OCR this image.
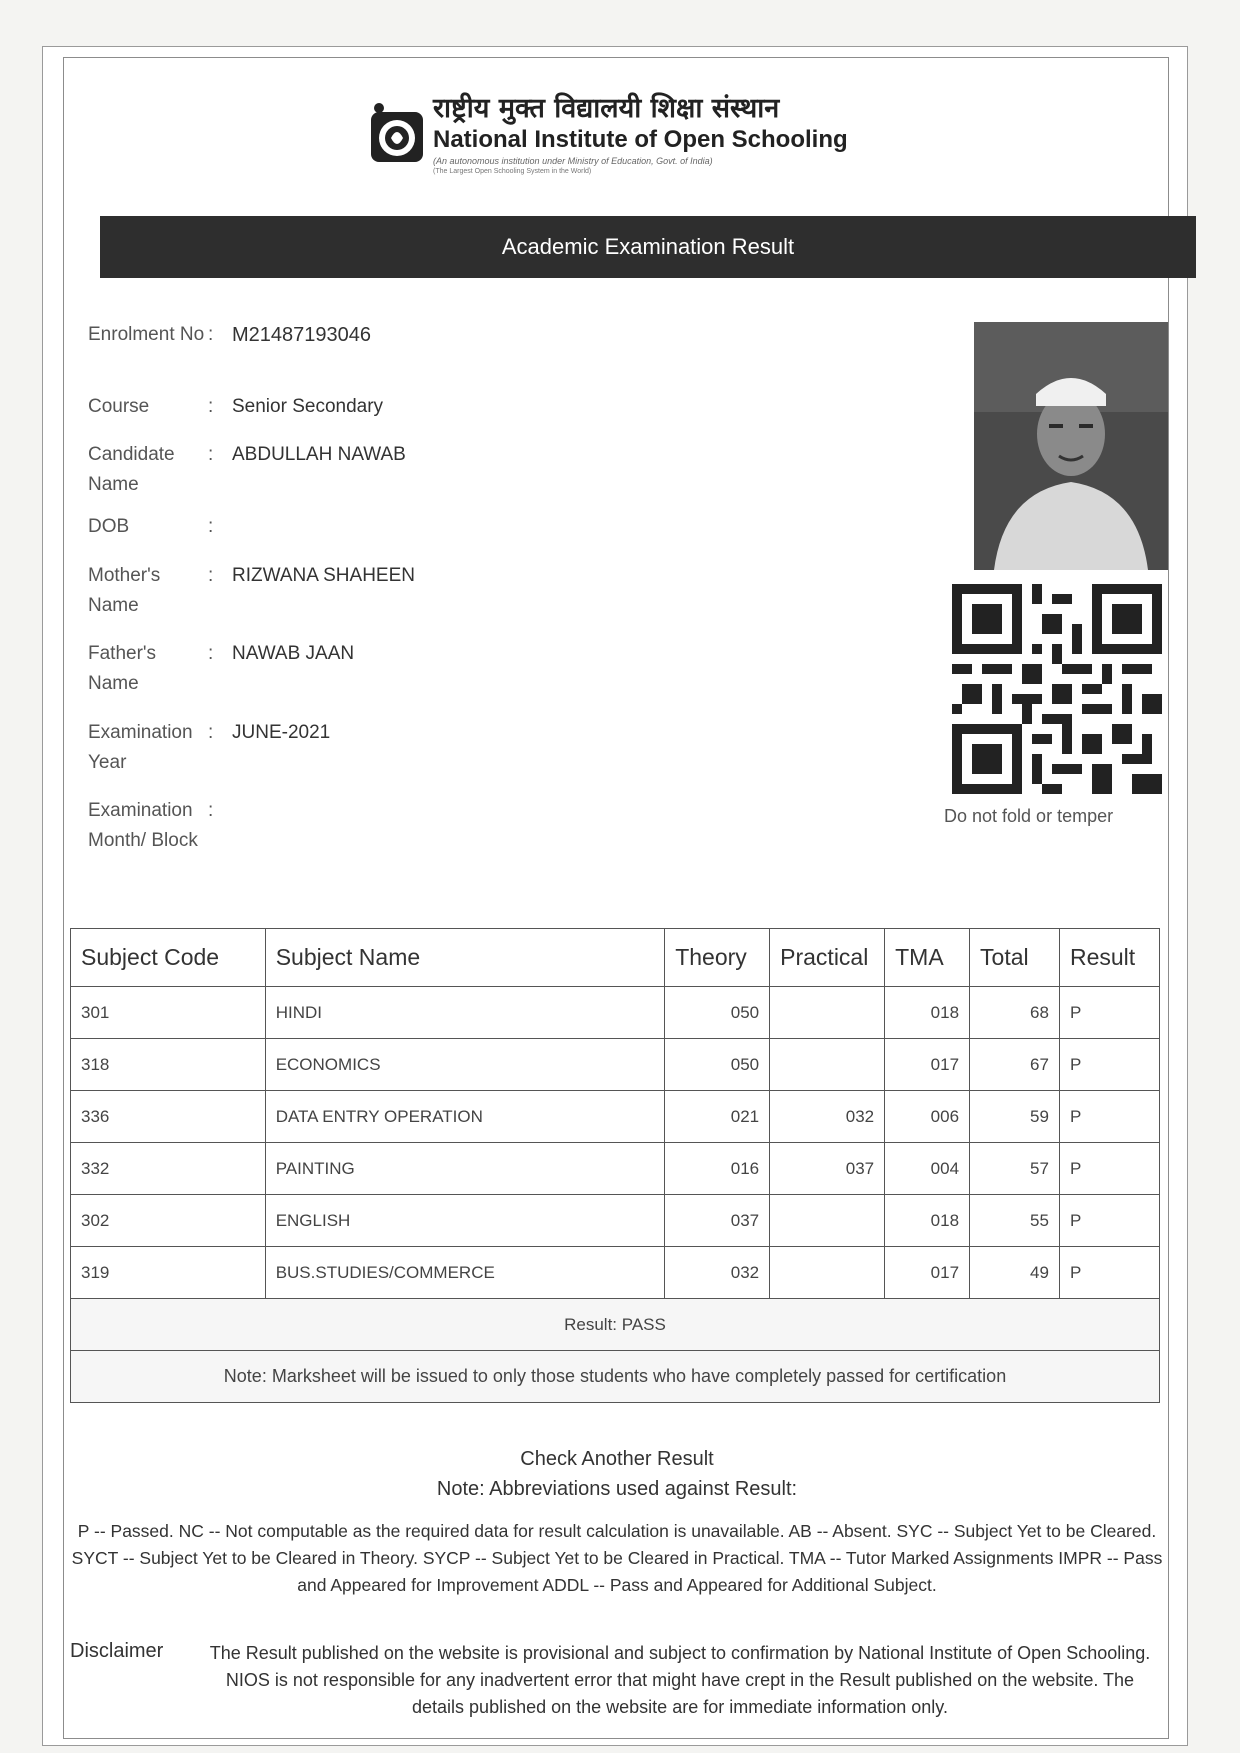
राष्ट्रीय मुक्त विद्यालयी शिक्षा संस्थान
National Institute of Open Schooling
(An autonomous institution under Ministry of Education, Govt. of India)
(The Largest Open Schooling System in the World)
Academic Examination Result
Enrolment No : M21487193046
Course	: Senior Secondary
Candidate Name
: ABDULLAH NAWAB
DOB	:
Mother's Name
: RIZWANA SHAHEEN
Father's Name
: NAWAB JAAN
Examination Year
: JUNE-2021
Examination Month/ Block
:	Do not fold or temper
Subject Code	Subject Name	Theory	Practical	TMA	Total	Result
301	HINDI	050		018	68	P
318	ECONOMICS	050		017	67	P
336	DATA ENTRY OPERATION	021	032	006	59	P
332	PAINTING	016	037	004	57	P
302	ENGLISH	037		018	55	P
319	BUS.STUDIES/COMMERCE	032		017	49	P
Result: PASS						
Note: Marksheet will be issued to only those students who have completely passed for certification						
Check Another Result
Note: Abbreviations used against Result:
P -- Passed. NC -- Not computable as the required data for result calculation is unavailable. AB -- Absent. SYC -- Subject Yet to be Cleared. SYCT -- Subject Yet to be Cleared in Theory. SYCP -- Subject Yet to be Cleared in Practical. TMA -- Tutor Marked Assignments IMPR -- Pass and Appeared for Improvement ADDL -- Pass and Appeared for Additional Subject.
Disclaimer	The Result published on the website is provisional and subject to confirmation by National Institute of Open Schooling. NIOS is not responsible for any inadvertent error that might have crept in the Result published on the website. The details published on the website are for immediate information only.
